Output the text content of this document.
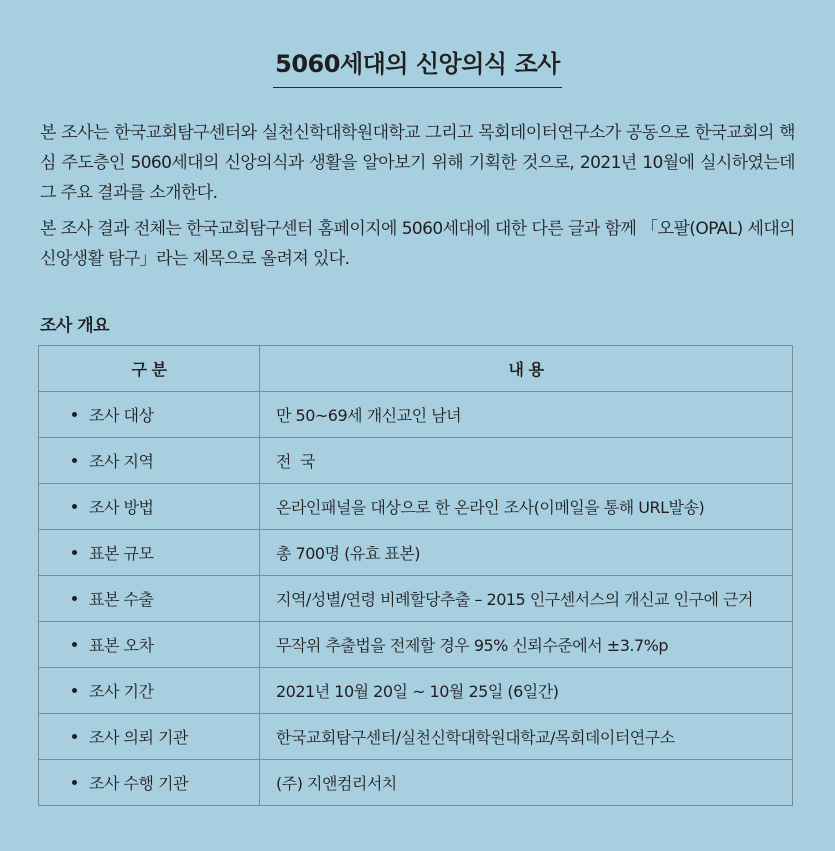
5060세대의 신앙의식 조사

본 조사는 한국교회탐구센터와 실천신학대학원대학교 그리고 목회데이터연구소가 공동으로 한국교회의 핵심 주도층인 5060세대의 신앙의식과 생활을 알아보기 위해 기획한 것으로, 2021년 10월에 실시하였는데 그 주요 결과를 소개한다.

본 조사 결과 전체는 한국교회탐구센터 홈페이지에 5060세대에 대한 다른 글과 함께 「오팔(OPAL) 세대의 신앙생활 탐구」라는 제목으로 올려져 있다.

조사 개요
구 분	내 용

조사 대상	만 50~69세 개신교인 남녀

조사 지역	전  국

조사 방법	온라인패널을 대상으로 한 온라인 조사(이메일을 통해 URL발송)

표본 규모	총 700명 (유효 표본)

표본 수출	지역/성별/연령 비례할당추출 – 2015 인구센서스의 개신교 인구에 근거

표본 오차	무작위 추출법을 전제할 경우 95% 신뢰수준에서 ±3.7%p

조사 기간	2021년 10월 20일 ~ 10월 25일 (6일간)

조사 의뢰 기관	한국교회탐구센터/실천신학대학원대학교/목회데이터연구소

조사 수행 기관	(주) 지앤컴리서치
